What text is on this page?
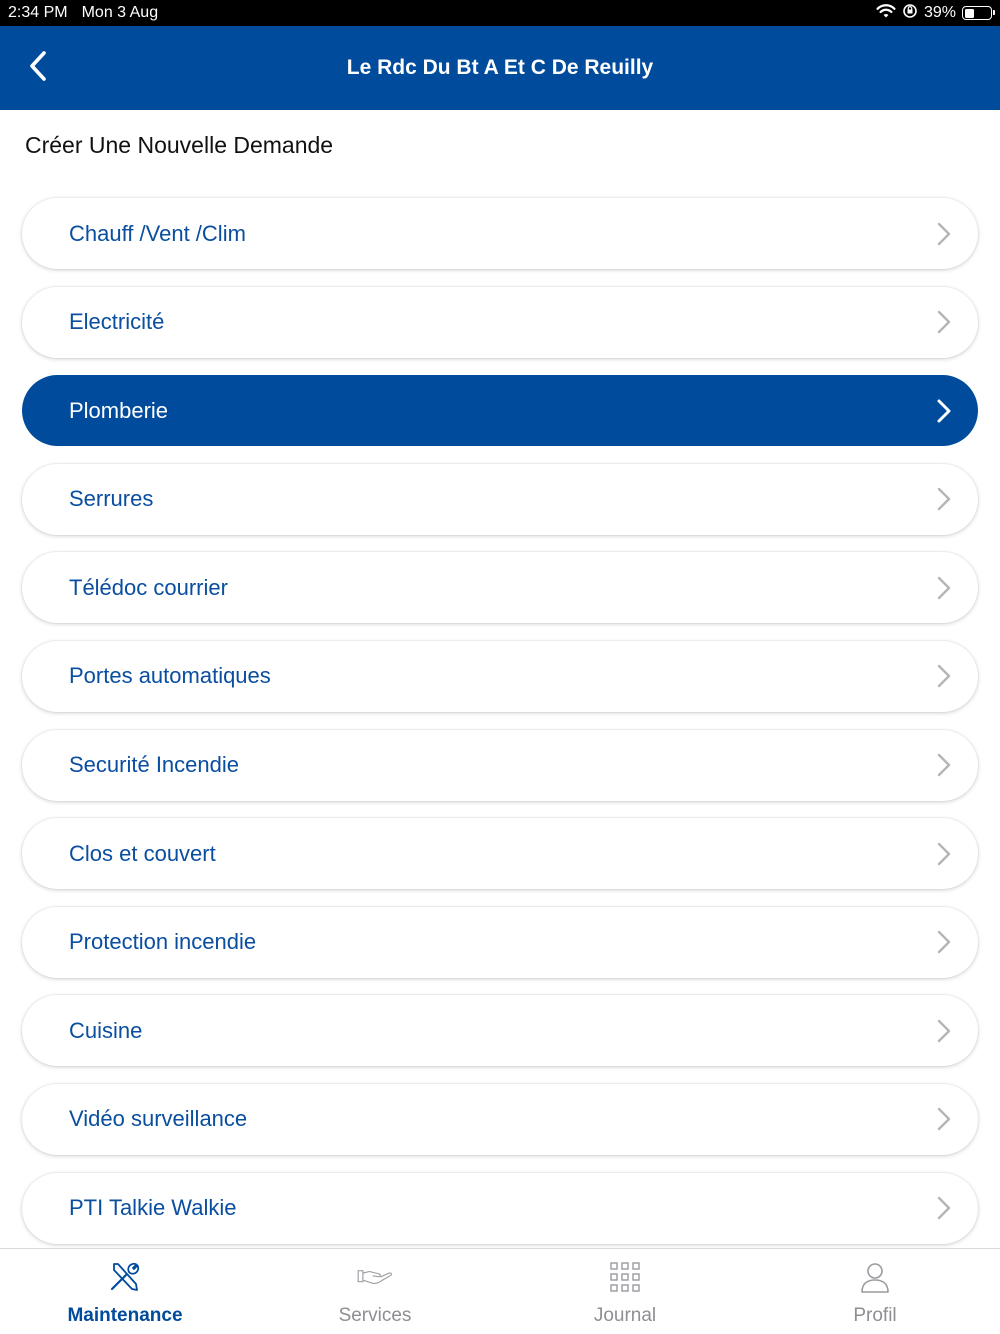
2:34 PM Mon 3 Aug	39%
Le Rdc Du Bt A Et C De Reuilly
Créer Une Nouvelle Demande
Chauff /Vent /Clim
Electricité
Plomberie
Serrures
Télédoc courrier
Portes automatiques
Securité Incendie
Clos et couvert
Protection incendie
Cuisine
Vidéo surveillance
PTI Talkie Walkie
Maintenance	Services	Journal	Profil
